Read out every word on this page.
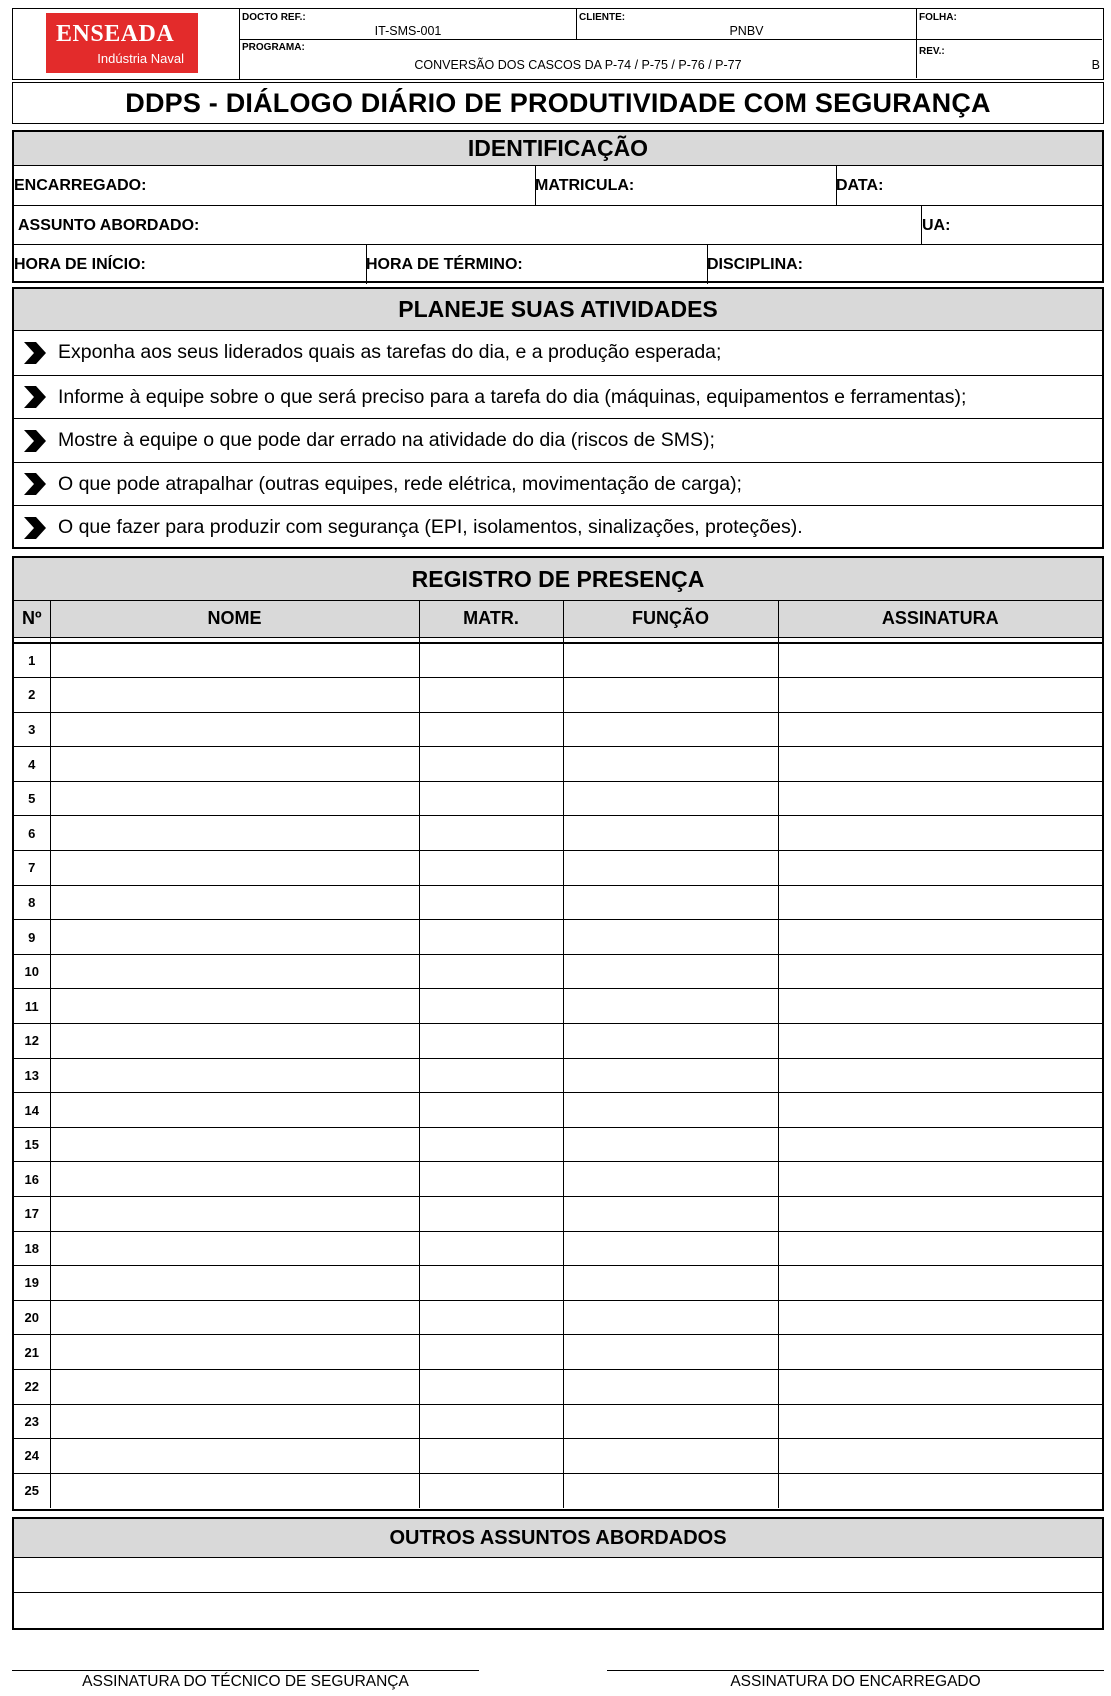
ENSEADA
Indústria Naval
DOCTO REF.:
IT-SMS-001
CLIENTE:
PNBV
FOLHA:
PROGRAMA:
CONVERSÃO DOS CASCOS DA P-74 / P-75 / P-76 / P-77
REV.:
B
DDPS - DIÁLOGO DIÁRIO DE PRODUTIVIDADE COM SEGURANÇA
IDENTIFICAÇÃO
ENCARREGADO:	MATRICULA:	DATA:
ASSUNTO ABORDADO:	UA:
HORA DE INÍCIO:	HORA DE TÉRMINO:	DISCIPLINA:
PLANEJE SUAS ATIVIDADES
Exponha aos seus liderados quais as tarefas do dia, e a produção esperada;
Informe à equipe sobre o que será preciso para a tarefa do dia (máquinas, equipamentos e ferramentas);
Mostre à equipe o que pode dar errado na atividade do dia (riscos de SMS);
O que pode atrapalhar (outras equipes, rede elétrica, movimentação de carga);
O que fazer para produzir com segurança (EPI, isolamentos, sinalizações, proteções).
REGISTRO DE PRESENÇA
Nº	NOME	MATR.	FUNÇÃO	ASSINATURA

1				
2				
3				
4				
5				
6				
7				
8				
9				
10				
11				
12				
13				
14				
15				
16				
17				
18				
19				
20				
21				
22				
23				
24				
25				
OUTROS ASSUNTOS ABORDADOS
ASSINATURA DO TÉCNICO DE SEGURANÇA	ASSINATURA DO ENCARREGADO
